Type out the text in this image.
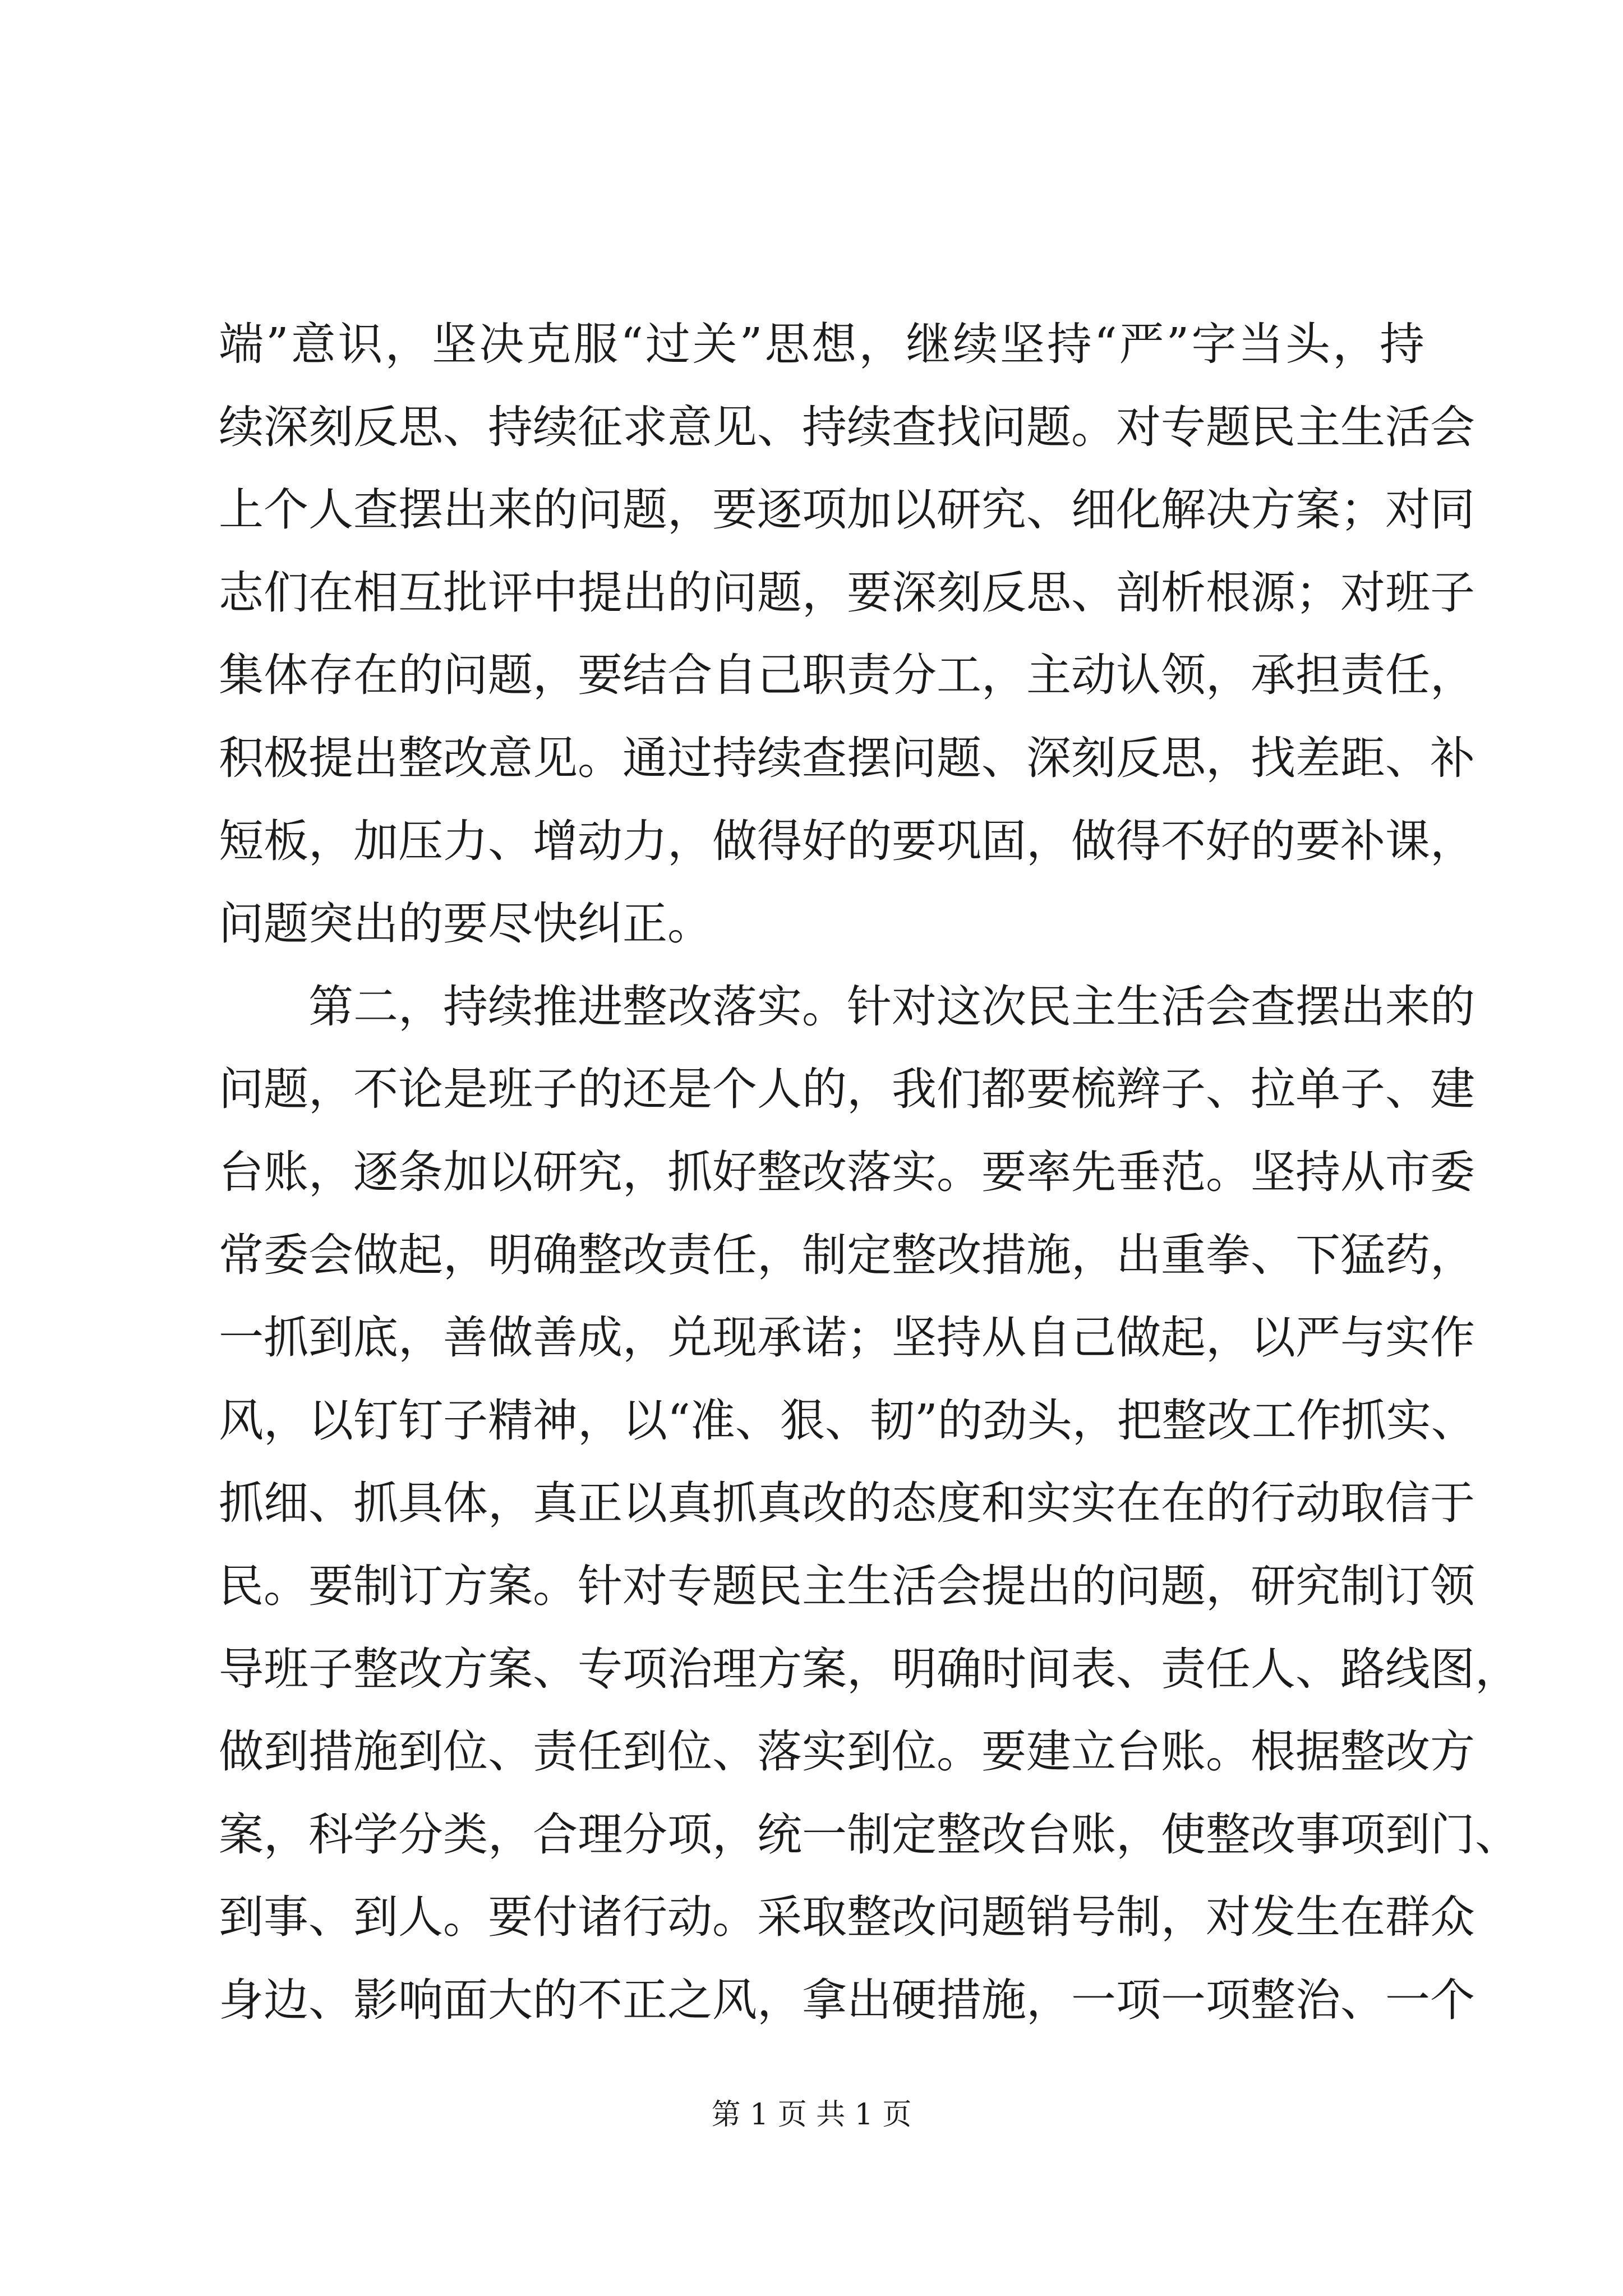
端”意识，坚决克服“过关”思想，继续坚持“严”字当头，持
续深刻反思、持续征求意见、持续查找问题。对专题民主生活会
上个人查摆出来的问题，要逐项加以研究、细化解决方案；对同
志们在相互批评中提出的问题，要深刻反思、剖析根源；对班子
集体存在的问题，要结合自己职责分工，主动认领，承担责任，
积极提出整改意见。通过持续查摆问题、深刻反思，找差距、补
短板，加压力、增动力，做得好的要巩固，做得不好的要补课，
问题突出的要尽快纠正。
第二，持续推进整改落实。针对这次民主生活会查摆出来的
问题，不论是班子的还是个人的，我们都要梳辫子、拉单子、建
台账，逐条加以研究，抓好整改落实。要率先垂范。坚持从市委
常委会做起，明确整改责任，制定整改措施，出重拳、下猛药，
一抓到底，善做善成，兑现承诺；坚持从自己做起，以严与实作
风，以钉钉子精神，以“准、狠、韧”的劲头，把整改工作抓实、
抓细、抓具体，真正以真抓真改的态度和实实在在的行动取信于
民。要制订方案。针对专题民主生活会提出的问题，研究制订领
导班子整改方案、专项治理方案，明确时间表、责任人、路线图，
做到措施到位、责任到位、落实到位。要建立台账。根据整改方
案，科学分类，合理分项，统一制定整改台账，使整改事项到门、
到事、到人。要付诸行动。采取整改问题销号制，对发生在群众
身边、影响面大的不正之风，拿出硬措施，一项一项整治、一个
第 1 页 共 1 页
